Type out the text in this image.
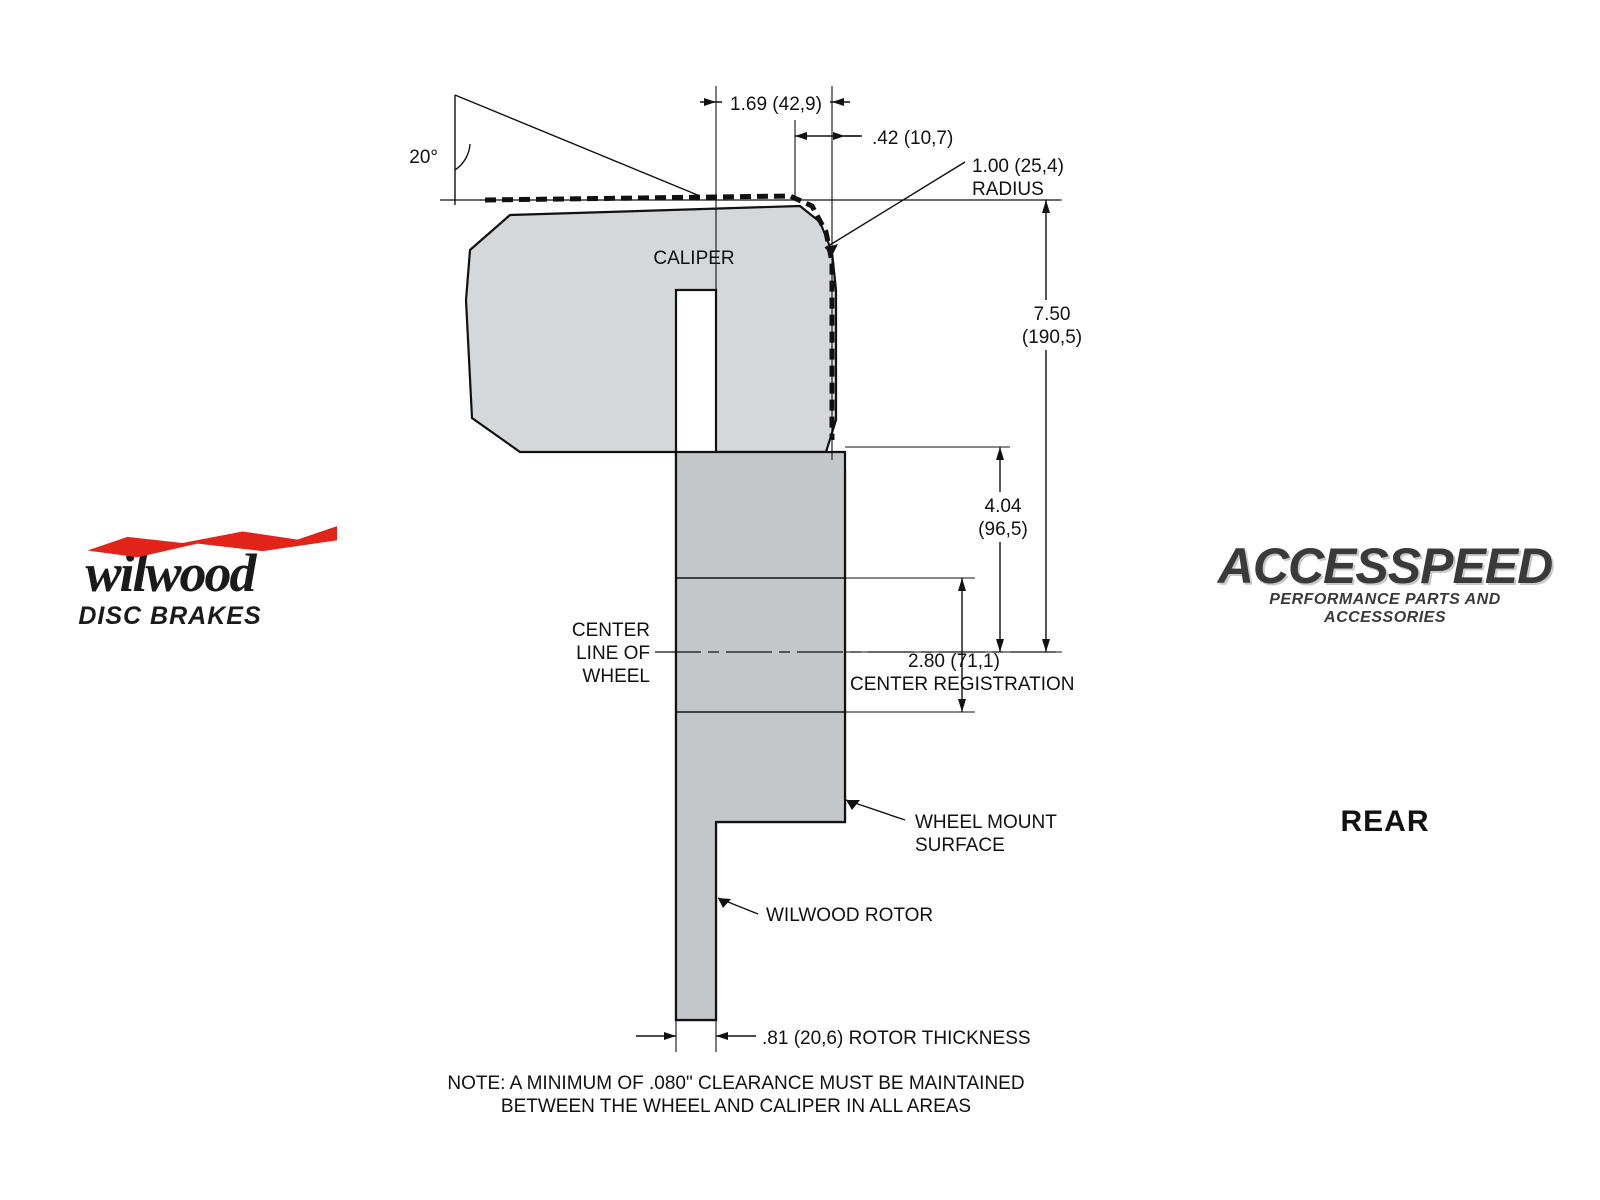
20°
1.69 (42,9)
.42 (10,7)
1.00 (25,4)
RADIUS
CALIPER
7.50
(190,5)
4.04
(96,5)
CENTER
LINE OF
WHEEL
2.80 (71,1)
CENTER REGISTRATION
WHEEL MOUNT
SURFACE
WILWOOD ROTOR
.81 (20,6) ROTOR THICKNESS
NOTE: A MINIMUM OF .080" CLEARANCE MUST BE MAINTAINED
BETWEEN THE WHEEL AND CALIPER IN ALL AREAS
wilwood
DISC BRAKES
ACCESSPEED
PERFORMANCE PARTS AND ACCESSORIES
REAR
